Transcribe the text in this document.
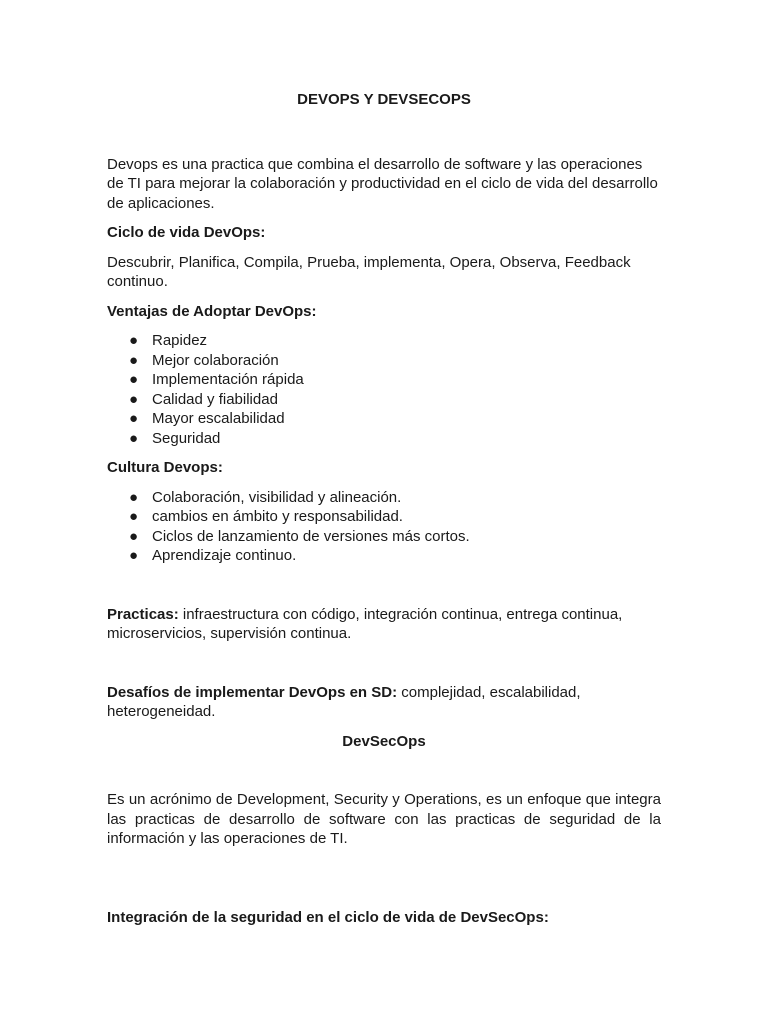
DEVOPS Y DEVSECOPS

Devops es una practica que combina el desarrollo de software y las operaciones de TI para mejorar la colaboración y productividad en el ciclo de vida del desarrollo de aplicaciones.

Ciclo de vida DevOps:

Descubrir, Planifica, Compila, Prueba, implementa, Opera, Observa, Feedback continuo.

Ventajas de Adoptar DevOps:

● Rapidez
● Mejor colaboración
● Implementación rápida
● Calidad y fiabilidad
● Mayor escalabilidad
● Seguridad

Cultura Devops:

● Colaboración, visibilidad y alineación.
● cambios en ámbito y responsabilidad.
● Ciclos de lanzamiento de versiones más cortos.
● Aprendizaje continuo.

Practicas: infraestructura con código, integración continua, entrega continua, microservicios, supervisión continua.

Desafíos de implementar DevOps en SD: complejidad, escalabilidad, heterogeneidad.

DevSecOps

Es un acrónimo de Development, Security y Operations, es un enfoque que integra las practicas de desarrollo de software con las practicas de seguridad de la información y las operaciones de TI.

Integración de la seguridad en el ciclo de vida de DevSecOps:
